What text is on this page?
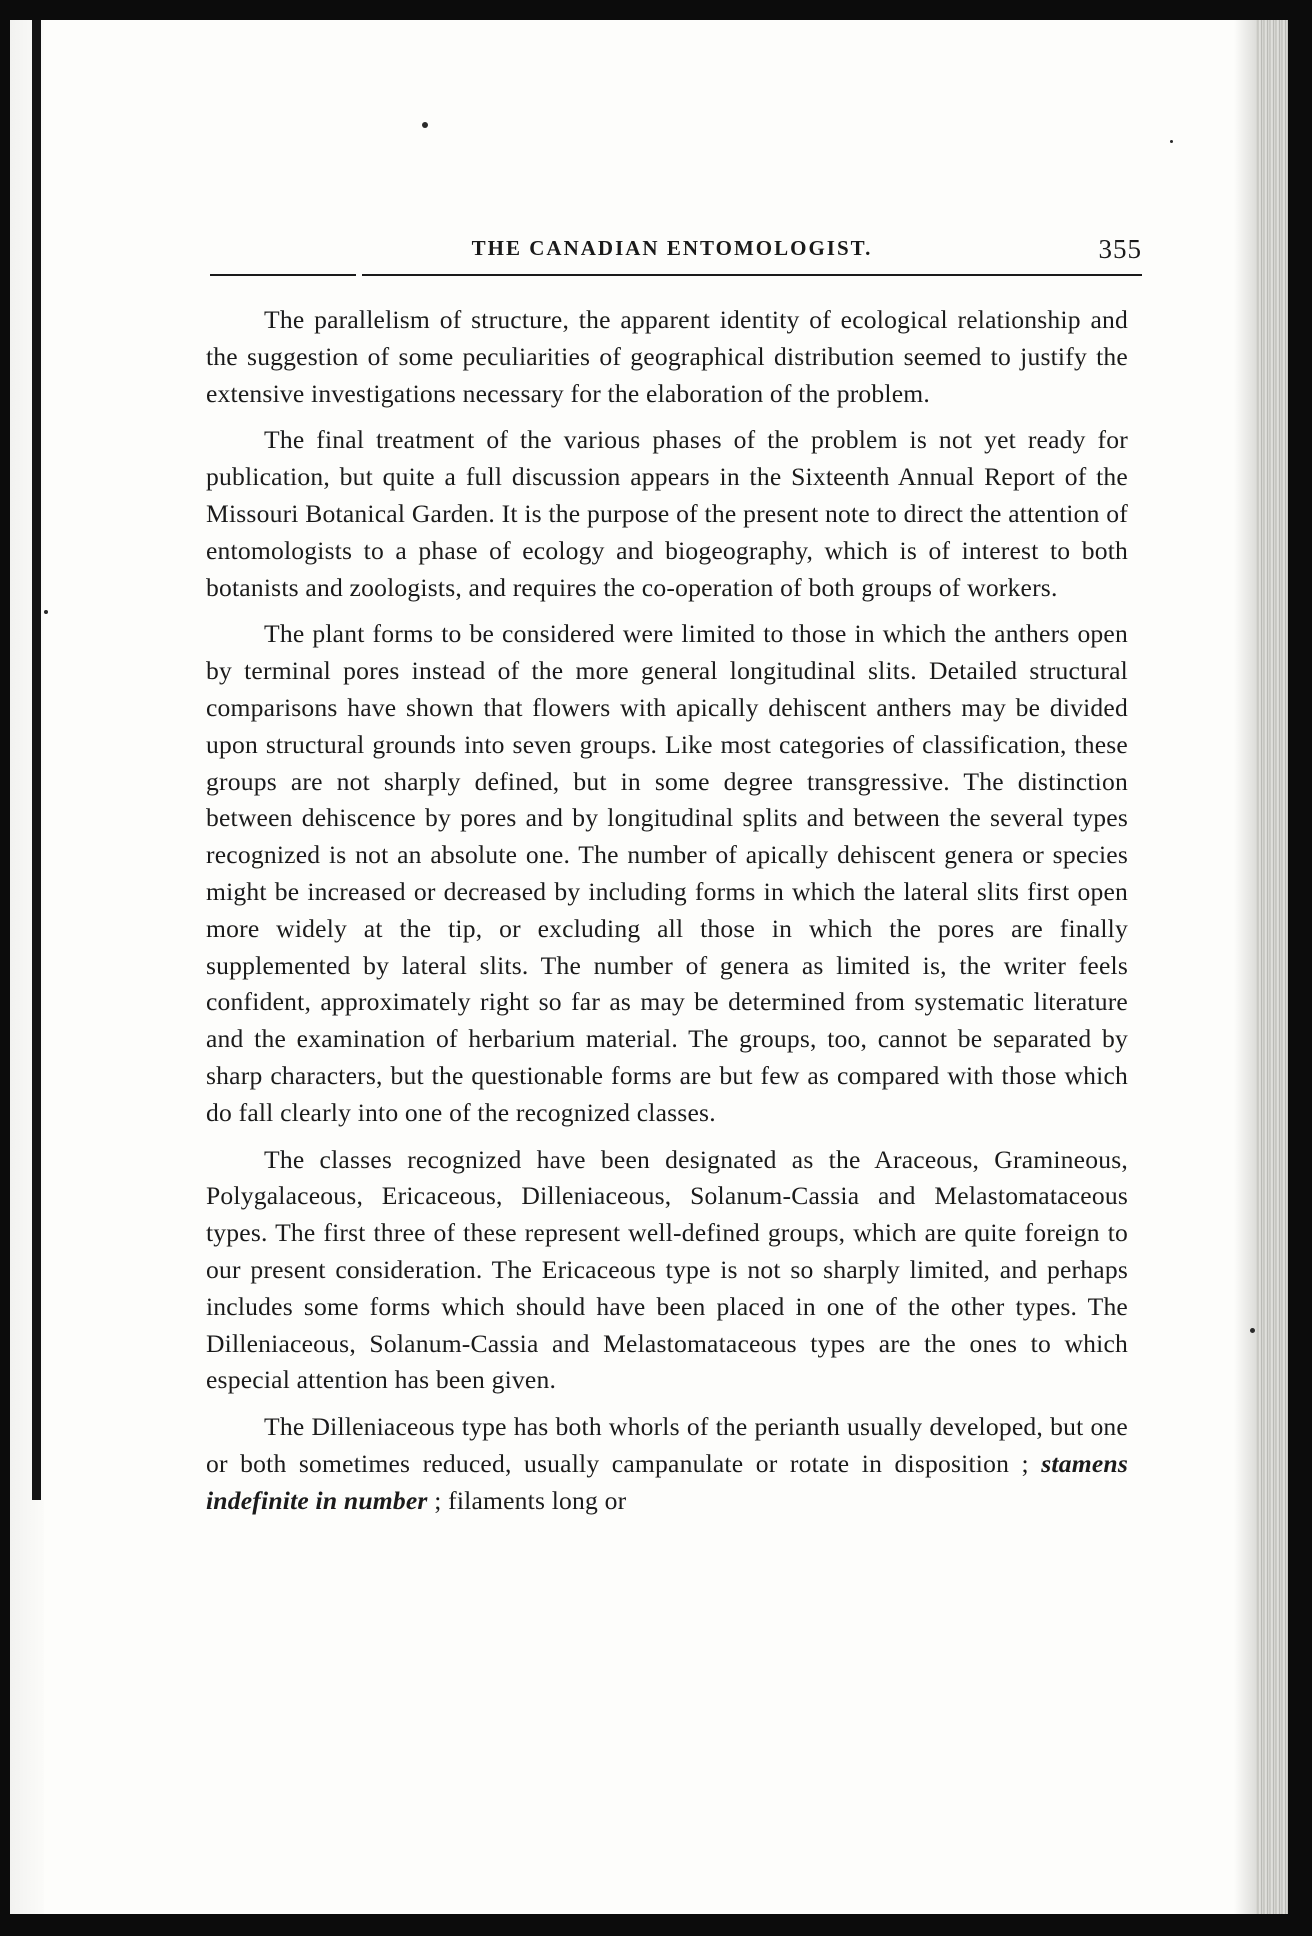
THE CANADIAN ENTOMOLOGIST.	355

The parallelism of structure, the apparent identity of ecological relationship and the suggestion of some peculiarities of geographical distribution seemed to justify the extensive investigations necessary for the elaboration of the problem.

The final treatment of the various phases of the problem is not yet ready for publication, but quite a full discussion appears in the Sixteenth Annual Report of the Missouri Botanical Garden. It is the purpose of the present note to direct the attention of entomologists to a phase of ecology and biogeography, which is of interest to both botanists and zoologists, and requires the co-operation of both groups of workers.

The plant forms to be considered were limited to those in which the anthers open by terminal pores instead of the more general longitudinal slits. Detailed structural comparisons have shown that flowers with apically dehiscent anthers may be divided upon structural grounds into seven groups. Like most categories of classification, these groups are not sharply defined, but in some degree transgressive. The distinction between dehiscence by pores and by longitudinal splits and between the several types recognized is not an absolute one. The number of apically dehiscent genera or species might be increased or decreased by including forms in which the lateral slits first open more widely at the tip, or excluding all those in which the pores are finally supplemented by lateral slits. The number of genera as limited is, the writer feels confident, approximately right so far as may be determined from systematic literature and the examination of herbarium material. The groups, too, cannot be separated by sharp characters, but the questionable forms are but few as compared with those which do fall clearly into one of the recognized classes.

The classes recognized have been designated as the Araceous, Gramineous, Polygalaceous, Ericaceous, Dilleniaceous, Solanum-Cassia and Melastomataceous types. The first three of these represent well-defined groups, which are quite foreign to our present consideration. The Ericaceous type is not so sharply limited, and perhaps includes some forms which should have been placed in one of the other types. The Dilleniaceous, Solanum-Cassia and Melastomataceous types are the ones to which especial attention has been given.

The Dilleniaceous type has both whorls of the perianth usually developed, but one or both sometimes reduced, usually campanulate or rotate in disposition ; stamens indefinite in number ; filaments long or
